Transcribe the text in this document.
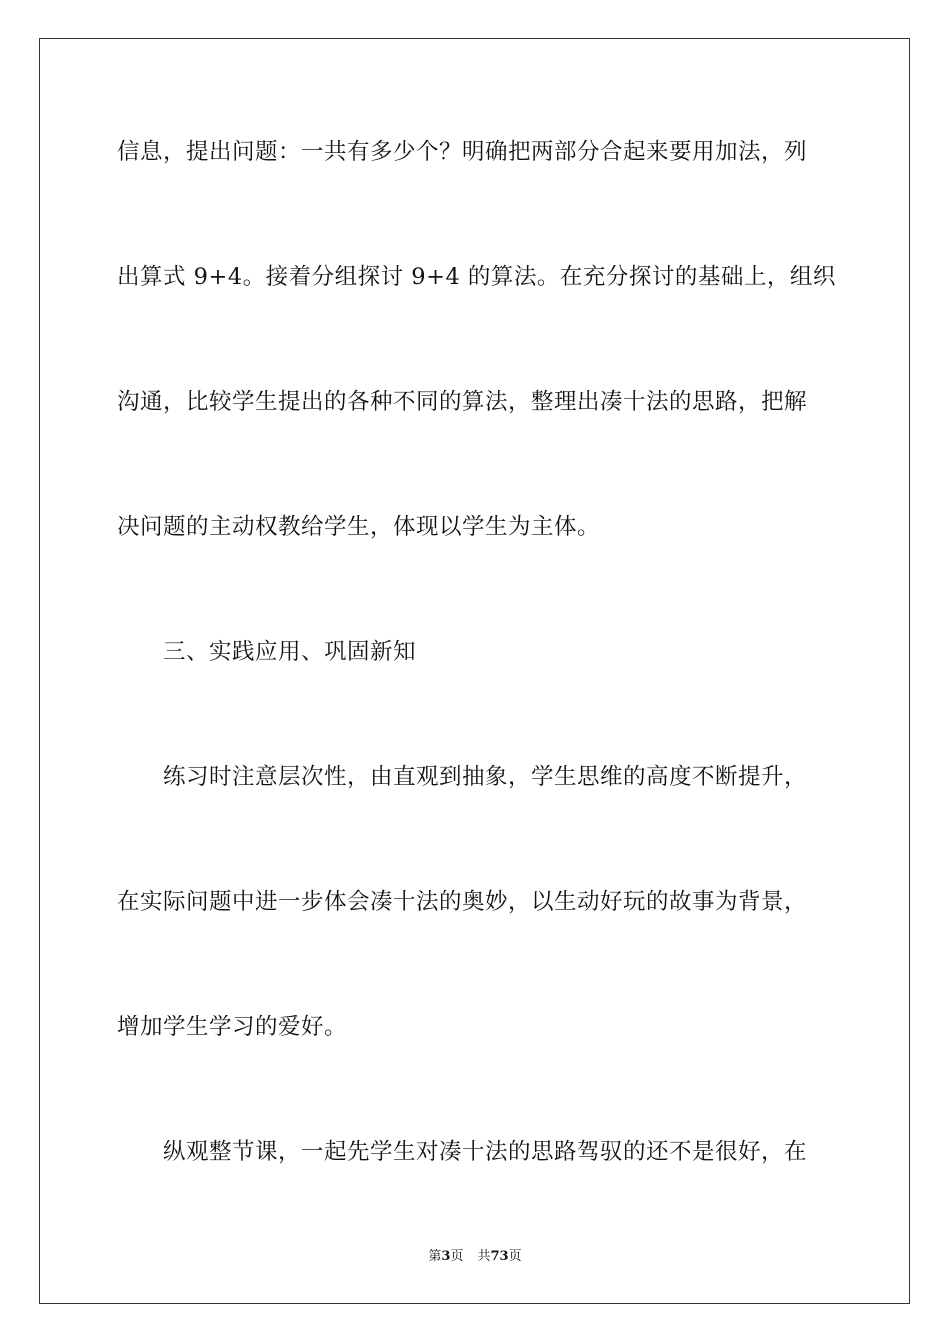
信息，提出问题：一共有多少个？明确把两部分合起来要用加法，列
出算式 9+4。接着分组探讨 9+4 的算法。在充分探讨的基础上，组织
沟通，比较学生提出的各种不同的算法，整理出凑十法的思路，把解
决问题的主动权教给学生，体现以学生为主体。
三、实践应用、巩固新知
练习时注意层次性，由直观到抽象，学生思维的高度不断提升，
在实际问题中进一步体会凑十法的奥妙，以生动好玩的故事为背景，
增加学生学习的爱好。
纵观整节课，一起先学生对凑十法的思路驾驭的还不是很好，在
第3页 共73页
